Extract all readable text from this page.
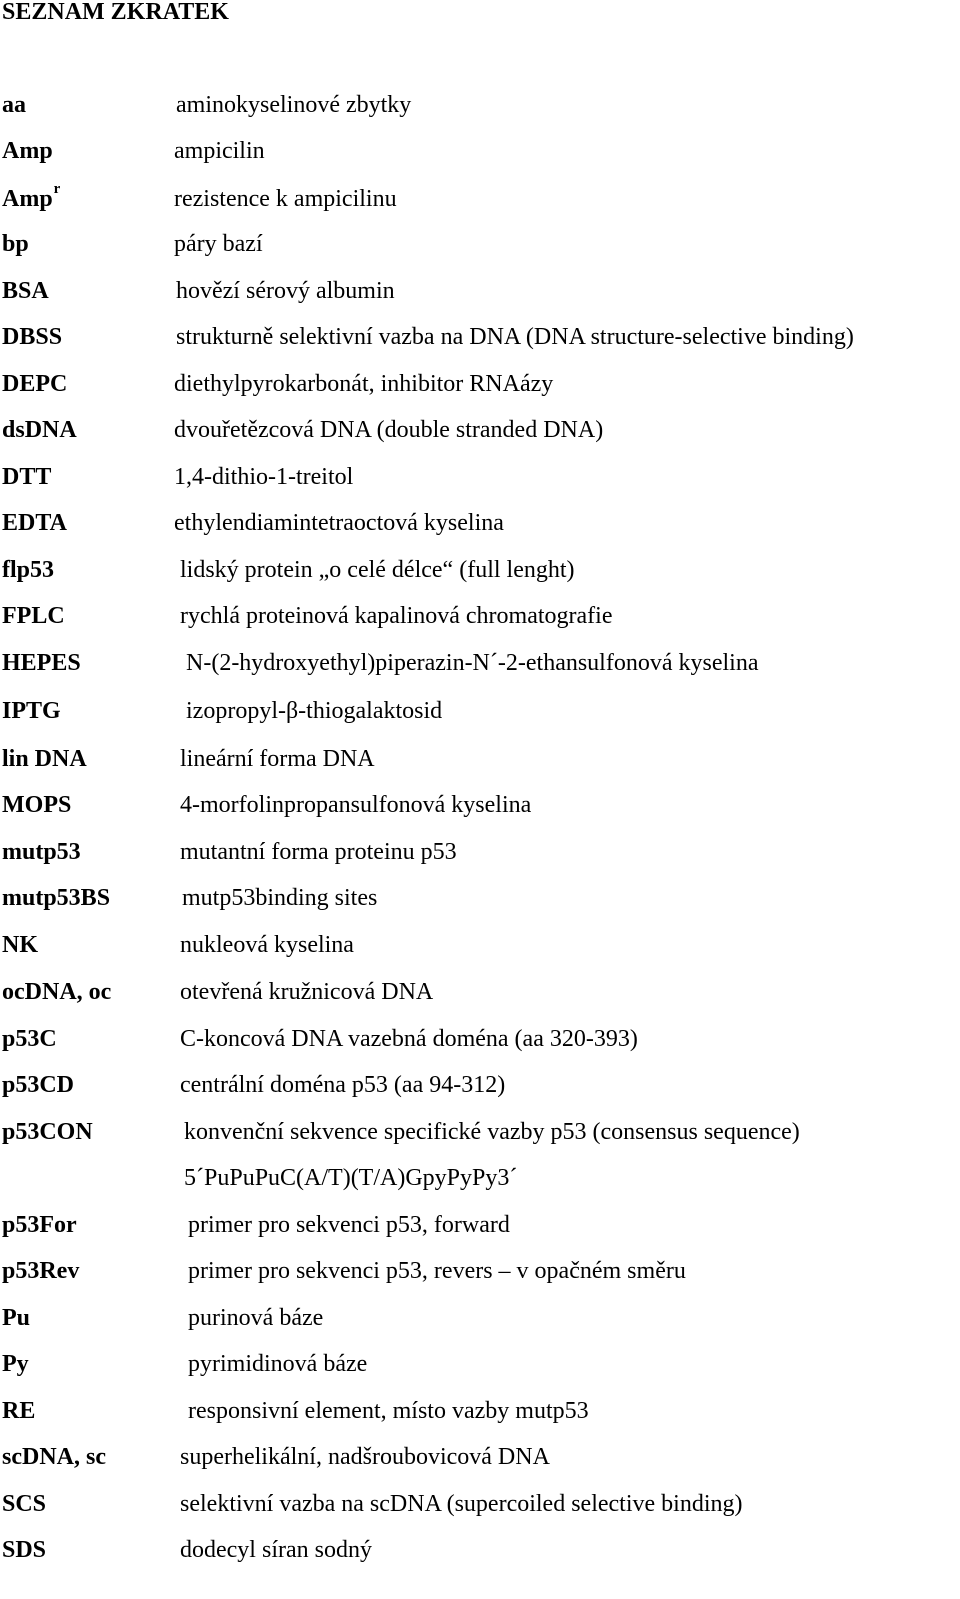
SEZNAM ZKRATEK
aa	aminokyselinové zbytky
Amp	ampicilin
Amp$^r$	rezistence k ampicilinu
bp	páry bazí
BSA	hovězí sérový albumin
DBSS	strukturně selektivní vazba na DNA (DNA structure-selective binding)
DEPC	diethylpyrokarbonát, inhibitor RNAázy
dsDNA	dvouřetězcová DNA (double stranded DNA)
DTT	1,4-dithio-1-treitol
EDTA	ethylendiamintetraoctová kyselina
flp53	lidský protein „o celé délce“ (full lenght)
FPLC	rychlá proteinová kapalinová chromatografie
HEPES	N-(2-hydroxyethyl)piperazin-N´-2-ethansulfonová kyselina
IPTG	izopropyl-β-thiogalaktosid
lin DNA	lineární forma DNA
MOPS	4-morfolinpropansulfonová kyselina
mutp53	mutantní forma proteinu p53
mutp53BS	mutp53binding sites
NK	nukleová kyselina
ocDNA, oc	otevřená kružnicová DNA
p53C	C-koncová DNA vazebná doména (aa 320-393)
p53CD	centrální doména p53 (aa 94-312)
p53CON	konvenční sekvence specifické vazby p53 (consensus sequence)
5´PuPuPuC(A/T)(T/A)GpyPyPy3´
p53For	primer pro sekvenci p53, forward
p53Rev	primer pro sekvenci p53, revers – v opačném směru
Pu	purinová báze
Py	pyrimidinová báze
RE	responsivní element, místo vazby mutp53
scDNA, sc	superhelikální, nadšroubovicová DNA
SCS	selektivní vazba na scDNA (supercoiled selective binding)
SDS	dodecyl síran sodný
